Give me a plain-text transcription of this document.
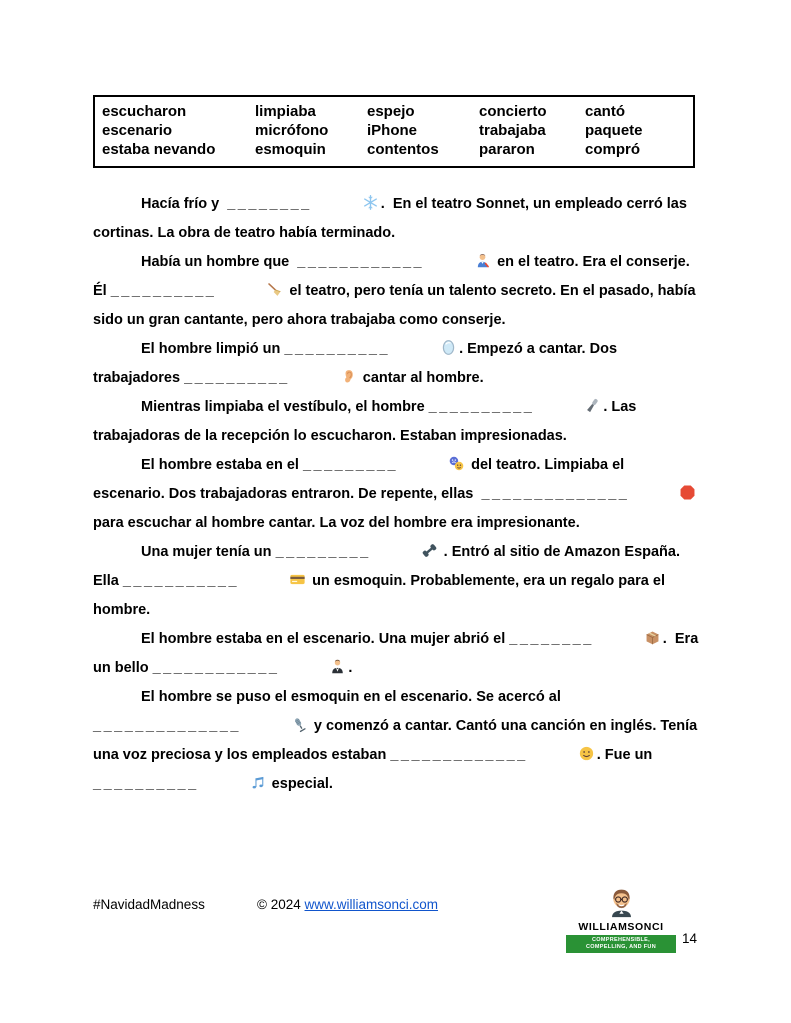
escucharon	limpiaba	espejo	concierto	cantó
escenario	micrófono	iPhone	trabajaba	paquete
estaba nevando	esmoquin	contentos	pararon	compró

Hacía frío y  ________	.  En el teatro Sonnet, un empleado cerró las cortinas. La obra de teatro había terminado.

Había un hombre que  ____________	en el teatro. Era el conserje. Él __________	el teatro, pero tenía un talento secreto. En el pasado, había sido un gran cantante, pero ahora trabajaba como conserje.

El hombre limpió un __________	. Empezó a cantar. Dos trabajadores __________	cantar al hombre.

Mientras limpiaba el vestíbulo, el hombre __________	. Las trabajadoras de la recepción lo escucharon. Estaban impresionadas.

El hombre estaba en el _________	del teatro. Limpiaba el escenario. Dos trabajadoras entraron. De repente, ellas  ______________	para escuchar al hombre cantar. La voz del hombre era impresionante.

Una mujer tenía un _________	. Entró al sitio de Amazon España. Ella ___________	un esmoquin. Probablemente, era un regalo para el hombre.

El hombre estaba en el escenario. Una mujer abrió el ________	.  Era un bello ____________	.

El hombre se puso el esmoquin en el escenario. Se acercó al ______________	y comenzó a cantar. Cantó una canción en inglés. Tenía una voz preciosa y los empleados estaban _____________	. Fue un __________	especial.

#NavidadMadness	© 2024 www.williamsonci.com
WILLIAMSONCI
COMPREHENSIBLE,
COMPELLING, AND FUN
14
